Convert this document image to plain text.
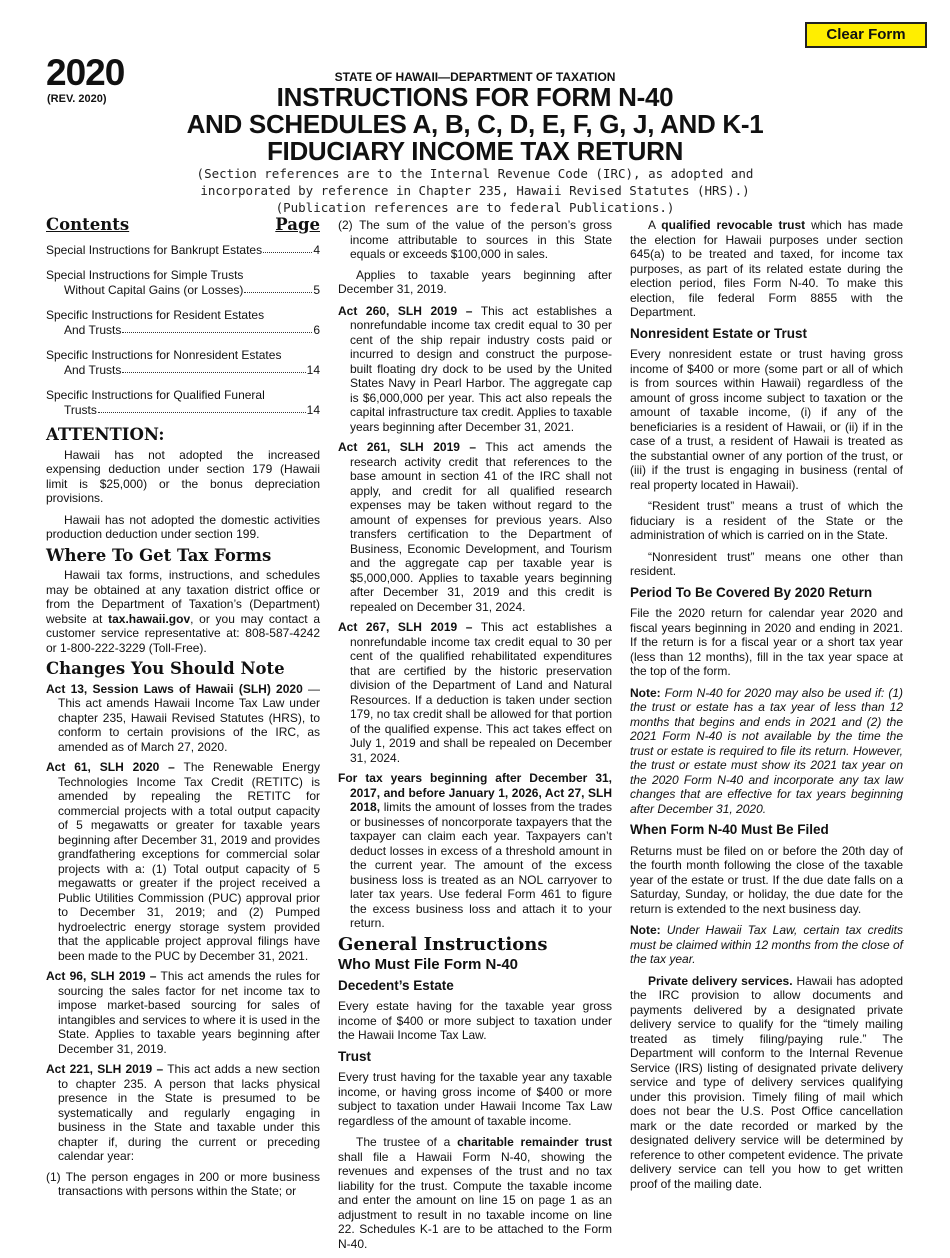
Clear Form
2020
(REV. 2020)
STATE OF HAWAII—DEPARTMENT OF TAXATION
INSTRUCTIONS FOR FORM N-40
AND SCHEDULES A, B, C, D, E, F, G, J, AND K-1
FIDUCIARY INCOME TAX RETURN
(Section references are to the Internal Revenue Code (IRC), as adopted and
incorporated by reference in Chapter 235, Hawaii Revised Statutes (HRS).)
(Publication references are to federal Publications.)
Contents	Page
Special Instructions for Bankrupt Estates	4
Special Instructions for Simple Trusts
Without Capital Gains (or Losses)	5
Specific Instructions for Resident Estates
And Trusts	6
Specific Instructions for Nonresident Estates
And Trusts	14
Specific Instructions for Qualified Funeral
Trusts	14
ATTENTION:

Hawaii has not adopted the increased expensing deduction under section 179 (Hawaii limit is $25,000) or the bonus depreciation provisions.

Hawaii has not adopted the domestic activities production deduction under section 199.

Where To Get Tax Forms

Hawaii tax forms, instructions, and schedules may be obtained at any taxation district office or from the Department of Taxation’s (Department) website at tax.hawaii.gov, or you may contact a customer service representative at: 808-587-4242 or 1-800-222-3229 (Toll-Free).

Changes You Should Note

Act 13, Session Laws of Hawaii (SLH) 2020 — This act amends Hawaii Income Tax Law under chapter 235, Hawaii Revised Statutes (HRS), to conform to certain provisions of the IRC, as amended as of March 27, 2020.

Act 61, SLH 2020 – The Renewable Energy Technologies Income Tax Credit (RETITC) is amended by repealing the RETITC for commercial projects with a total output capacity of 5 megawatts or greater for taxable years beginning after December 31, 2019 and provides grandfathering exceptions for commercial solar projects with a: (1) Total output capacity of 5 megawatts or greater if the project received a Public Utilities Commission (PUC) approval prior to December 31, 2019; and (2) Pumped hydroelectric energy storage system provided that the applicable project approval filings have been made to the PUC by December 31, 2021.

Act 96, SLH 2019 – This act amends the rules for sourcing the sales factor for net income tax to impose market-based sourcing for sales of intangibles and services to where it is used in the State. Applies to taxable years beginning after December 31, 2019.

Act 221, SLH 2019 – This act adds a new section to chapter 235. A person that lacks physical presence in the State is presumed to be systematically and regularly engaging in business in the State and taxable under this chapter if, during the current or preceding calendar year:

(1) The person engages in 200 or more business transactions with persons within the State; or

(2) The sum of the value of the person’s gross income attributable to sources in this State equals or exceeds $100,000 in sales.

Applies to taxable years beginning after December 31, 2019.

Act 260, SLH 2019 – This act establishes a nonrefundable income tax credit equal to 30 per cent of the ship repair industry costs paid or incurred to design and construct the purpose-built floating dry dock to be used by the United States Navy in Pearl Harbor. The aggregate cap is $6,000,000 per year. This act also repeals the capital infrastructure tax credit. Applies to taxable years beginning after December 31, 2021.

Act 261, SLH 2019 – This act amends the research activity credit that references to the base amount in section 41 of the IRC shall not apply, and credit for all qualified research expenses may be taken without regard to the amount of expenses for previous years. Also transfers certification to the Department of Business, Economic Development, and Tourism and the aggregate cap per taxable year is $5,000,000. Applies to taxable years beginning after December 31, 2019 and this credit is repealed on December 31, 2024.

Act 267, SLH 2019 – This act establishes a nonrefundable income tax credit equal to 30 per cent of the qualified rehabilitated expenditures that are certified by the historic preservation division of the Department of Land and Natural Resources. If a deduction is taken under section 179, no tax credit shall be allowed for that portion of the qualified expense. This act takes effect on July 1, 2019 and shall be repealed on December 31, 2024.

For tax years beginning after December 31, 2017, and before January 1, 2026, Act 27, SLH 2018, limits the amount of losses from the trades or businesses of noncorporate taxpayers that the taxpayer can claim each year. Taxpayers can’t deduct losses in excess of a threshold amount in the current year. The amount of the excess business loss is treated as an NOL carryover to later tax years. Use federal Form 461 to figure the excess business loss and attach it to your return.

General Instructions
Who Must File Form N-40
Decedent’s Estate

Every estate having for the taxable year gross income of $400 or more subject to taxation under the Hawaii Income Tax Law.

Trust

Every trust having for the taxable year any taxable income, or having gross income of $400 or more subject to taxation under Hawaii Income Tax Law regardless of the amount of taxable income.

The trustee of a charitable remainder trust shall file a Hawaii Form N-40, showing the revenues and expenses of the trust and no tax liability for the trust. Compute the taxable income and enter the amount on line 15 on page 1 as an adjustment to result in no taxable income on line 22. Schedules K-1 are to be attached to the Form N-40.

A qualified revocable trust which has made the election for Hawaii purposes under section 645(a) to be treated and taxed, for income tax purposes, as part of its related estate during the election period, files Form N-40. To make this election, file federal Form 8855 with the Department.

Nonresident Estate or Trust

Every nonresident estate or trust having gross income of $400 or more (some part or all of which is from sources within Hawaii) regardless of the amount of gross income subject to taxation or the amount of taxable income, (i) if any of the beneficiaries is a resident of Hawaii, or (ii) if in the case of a trust, a resident of Hawaii is treated as the substantial owner of any portion of the trust, or (iii) if the trust is engaging in business (rental of real property located in Hawaii).

“Resident trust” means a trust of which the fiduciary is a resident of the State or the administration of which is carried on in the State.

“Nonresident trust” means one other than resident.

Period To Be Covered By 2020 Return

File the 2020 return for calendar year 2020 and fiscal years beginning in 2020 and ending in 2021. If the return is for a fiscal year or a short tax year (less than 12 months), fill in the tax year space at the top of the form.

Note: Form N-40 for 2020 may also be used if: (1) the trust or estate has a tax year of less than 12 months that begins and ends in 2021 and (2) the 2021 Form N-40 is not available by the time the trust or estate is required to file its return. However, the trust or estate must show its 2021 tax year on the 2020 Form N-40 and incorporate any tax law changes that are effective for tax years beginning after December 31, 2020.

When Form N-40 Must Be Filed

Returns must be filed on or before the 20th day of the fourth month following the close of the taxable year of the estate or trust. If the due date falls on a Saturday, Sunday, or holiday, the due date for the return is extended to the next business day.

Note: Under Hawaii Tax Law, certain tax credits must be claimed within 12 months from the close of the tax year.

Private delivery services. Hawaii has adopted the IRC provision to allow documents and payments delivered by a designated private delivery service to qualify for the “timely mailing treated as timely filing/paying rule.” The Department will conform to the Internal Revenue Service (IRS) listing of designated private delivery service and type of delivery services qualifying under this provision. Timely filing of mail which does not bear the U.S. Post Office cancellation mark or the date recorded or marked by the designated delivery service will be determined by reference to other competent evidence. The private delivery service can tell you how to get written proof of the mailing date.
